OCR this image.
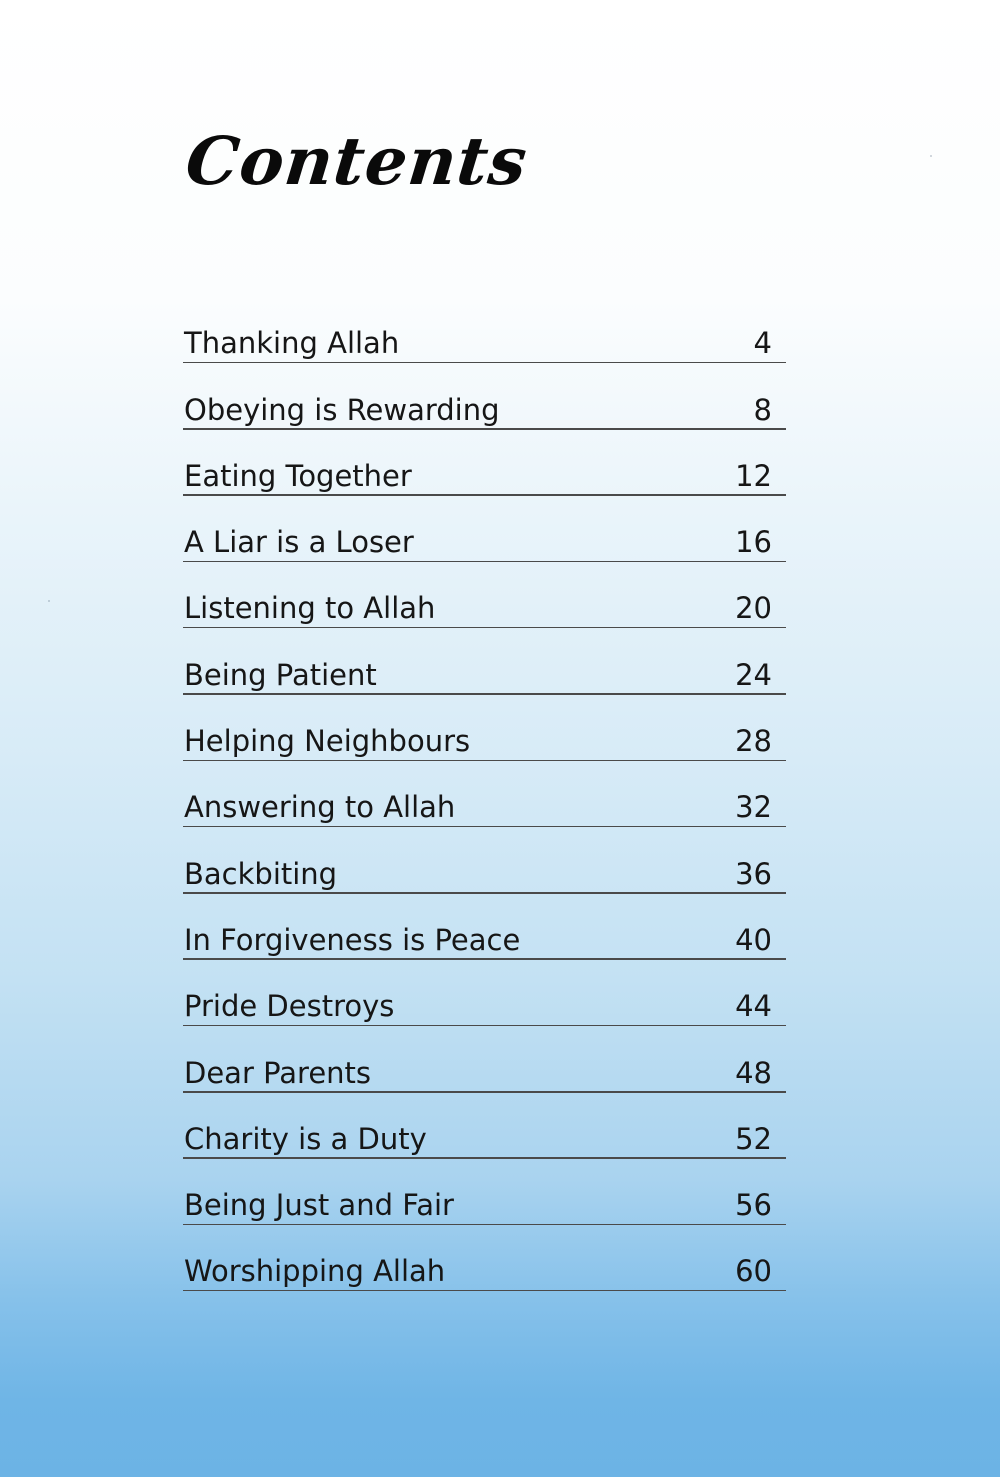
Contents
Thanking Allah	4
Obeying is Rewarding	8
Eating Together	12
A Liar is a Loser	16
Listening to Allah	20
Being Patient	24
Helping Neighbours	28
Answering to Allah	32
Backbiting	36
In Forgiveness is Peace	40
Pride Destroys	44
Dear Parents	48
Charity is a Duty	52
Being Just and Fair	56
Worshipping Allah	60
